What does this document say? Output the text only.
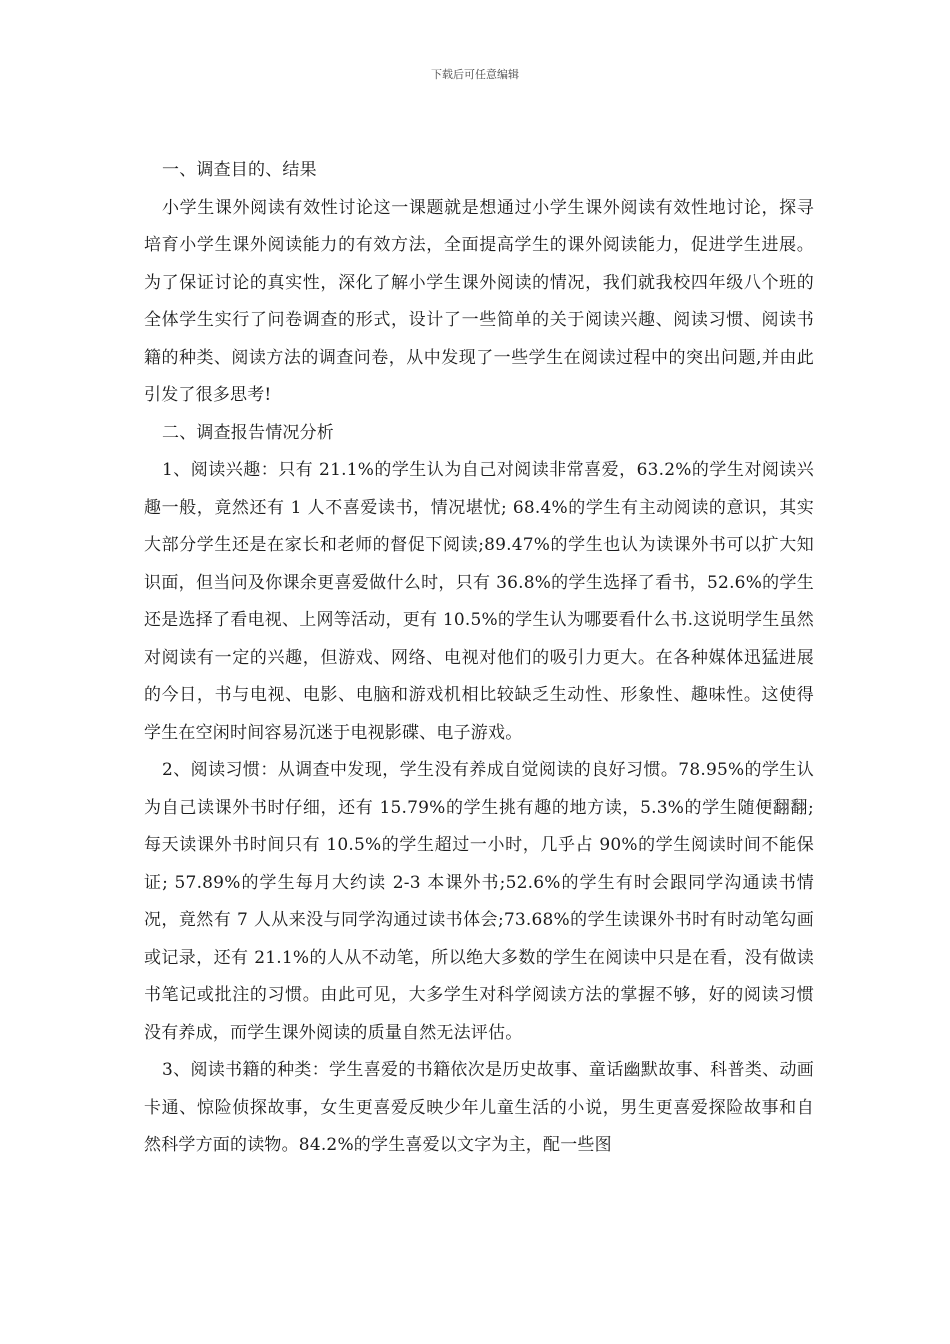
下载后可任意编辑

一、调查目的、结果

小学生课外阅读有效性讨论这一课题就是想通过小学生课外阅读有效性地讨论，探寻培育小学生课外阅读能力的有效方法，全面提高学生的课外阅读能力，促进学生进展。为了保证讨论的真实性，深化了解小学生课外阅读的情况，我们就我校四年级八个班的全体学生实行了问卷调查的形式，设计了一些简单的关于阅读兴趣、阅读习惯、阅读书籍的种类、阅读方法的调查问卷，从中发现了一些学生在阅读过程中的突出问题,并由此引发了很多思考!

二、调查报告情况分析

1、阅读兴趣：只有 21.1%的学生认为自己对阅读非常喜爱，63.2%的学生对阅读兴趣一般，竟然还有 1 人不喜爱读书，情况堪忧; 68.4%的学生有主动阅读的意识，其实大部分学生还是在家长和老师的督促下阅读;89.47%的学生也认为读课外书可以扩大知识面，但当问及你课余更喜爱做什么时，只有 36.8%的学生选择了看书，52.6%的学生还是选择了看电视、上网等活动，更有 10.5%的学生认为哪要看什么书.这说明学生虽然对阅读有一定的兴趣，但游戏、网络、电视对他们的吸引力更大。在各种媒体迅猛进展的今日，书与电视、电影、电脑和游戏机相比较缺乏生动性、形象性、趣味性。这使得学生在空闲时间容易沉迷于电视影碟、电子游戏。

2、阅读习惯：从调查中发现，学生没有养成自觉阅读的良好习惯。78.95%的学生认为自己读课外书时仔细，还有 15.79%的学生挑有趣的地方读，5.3%的学生随便翻翻;每天读课外书时间只有 10.5%的学生超过一小时，几乎占 90%的学生阅读时间不能保证; 57.89%的学生每月大约读 2-3 本课外书;52.6%的学生有时会跟同学沟通读书情况，竟然有 7 人从来没与同学沟通过读书体会;73.68%的学生读课外书时有时动笔勾画或记录，还有 21.1%的人从不动笔，所以绝大多数的学生在阅读中只是在看，没有做读书笔记或批注的习惯。由此可见，大多学生对科学阅读方法的掌握不够，好的阅读习惯没有养成，而学生课外阅读的质量自然无法评估。

3、阅读书籍的种类：学生喜爱的书籍依次是历史故事、童话幽默故事、科普类、动画卡通、惊险侦探故事，女生更喜爱反映少年儿童生活的小说，男生更喜爱探险故事和自然科学方面的读物。84.2%的学生喜爱以文字为主，配一些图
